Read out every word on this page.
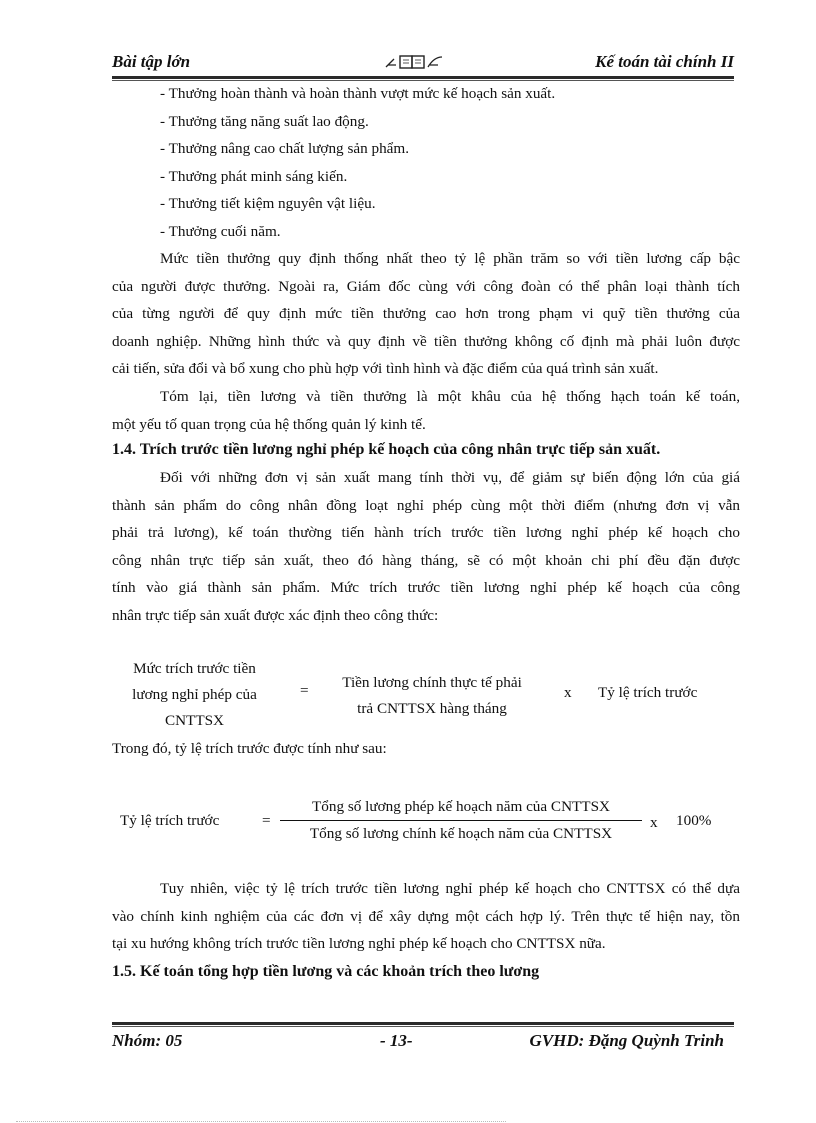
Bài tập lớn	Kế toán tài chính II
- Thưởng hoàn thành và hoàn thành vượt mức kế hoạch sản xuất.
- Thưởng tăng năng suất lao động.
- Thưởng nâng cao chất lượng sản phẩm.
- Thưởng phát minh sáng kiến.
- Thưởng tiết kiệm nguyên vật liệu.
- Thưởng cuối năm.
Mức tiền thưởng quy định thống nhất theo tỷ lệ phần trăm so với tiền lương cấp bậc
của người được thưởng. Ngoài ra, Giám đốc cùng với công đoàn có thể phân loại thành tích
của từng người để quy định mức tiền thưởng cao hơn trong phạm vi quỹ tiền thưởng của
doanh nghiệp. Những hình thức và quy định về tiền thưởng không cố định mà phải luôn được
cải tiến, sửa đổi và bổ xung cho phù hợp với tình hình và đặc điểm của quá trình sản xuất.
Tóm lại, tiền lương và tiền thưởng là một khâu của hệ thống hạch toán kế toán,
một yếu tố quan trọng của hệ thống quản lý kinh tế.
1.4. Trích trước tiền lương nghỉ phép kế hoạch của công nhân trực tiếp sản xuất.
Đối với những đơn vị sản xuất mang tính thời vụ, để giảm sự biến động lớn của giá
thành sản phẩm do công nhân đồng loạt nghỉ phép cùng một thời điểm (nhưng đơn vị vẫn
phải trả lương), kế toán thường tiến hành trích trước tiền lương nghỉ phép kế hoạch cho
công nhân trực tiếp sản xuất, theo đó hàng tháng, sẽ có một khoản chi phí đều đặn được
tính vào giá thành sản phẩm. Mức trích trước tiền lương nghỉ phép kế hoạch của công
nhân trực tiếp sản xuất được xác định theo công thức:
Mức trích trước tiền
lương nghỉ phép của
CNTTSX
=	Tiền lương chính thực tế phải
trả CNTTSX hàng tháng
x Tỷ lệ trích trước
Trong đó, tỷ lệ trích trước được tính như sau:
Tỷ lệ trích trước	=
Tổng số lương phép kế hoạch năm của CNTTSX
Tổng số lương chính kế hoạch năm của CNTTSX
x 100%
Tuy nhiên, việc tỷ lệ trích trước tiền lương nghỉ phép kế hoạch cho CNTTSX có thể dựa
vào chính kinh nghiệm của các đơn vị để xây dựng một cách hợp lý. Trên thực tế hiện nay, tồn
tại xu hướng không trích trước tiền lương nghỉ phép kế hoạch cho CNTTSX nữa.
1.5. Kế toán tổng hợp tiền lương và các khoản trích theo lương
Nhóm: 05	- 13-	GVHD: Đặng Quỳnh Trinh
